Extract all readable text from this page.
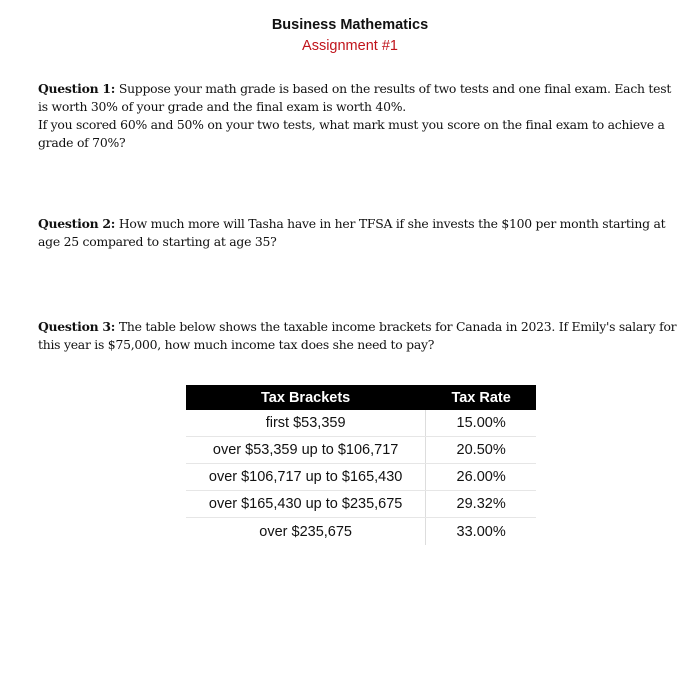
Business Mathematics
Assignment #1
Question 1: Suppose your math grade is based on the results of two tests and one final exam. Each test
is worth 30% of your grade and the final exam is worth 40%.
If you scored 60% and 50% on your two tests, what mark must you score on the final exam to achieve a
grade of 70%?
Question 2: How much more will Tasha have in her TFSA if she invests the $100 per month starting at
age 25 compared to starting at age 35?
Question 3: The table below shows the taxable income brackets for Canada in 2023. If Emily's salary for
this year is $75,000, how much income tax does she need to pay?
Tax Brackets	Tax Rate
first $53,359	15.00%
over $53,359 up to $106,717	20.50%
over $106,717 up to $165,430	26.00%
over $165,430 up to $235,675	29.32%
over $235,675	33.00%
